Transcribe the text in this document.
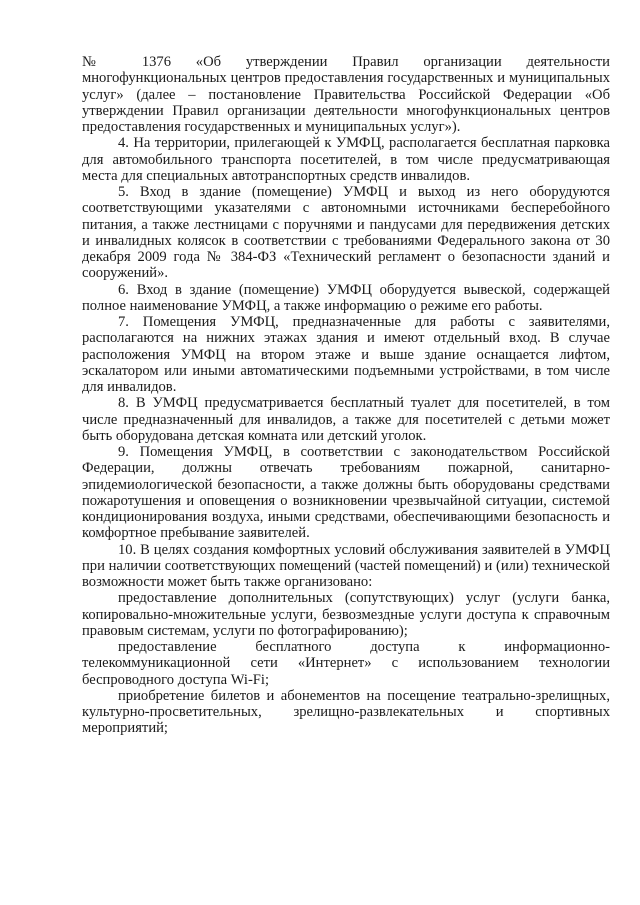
№ 1376 «Об утверждении Правил организации деятельности многофункциональных центров предоставления государственных и муниципальных услуг» (далее – постановление Правительства Российской Федерации «Об утверждении Правил организации деятельности многофункциональных центров предоставления государственных и муниципальных услуг»).

4. На территории, прилегающей к УМФЦ, располагается бесплатная парковка для автомобильного транспорта посетителей, в том числе предусматривающая места для специальных автотранспортных средств инвалидов.

5. Вход в здание (помещение) УМФЦ и выход из него оборудуются соответствующими указателями с автономными источниками бесперебойного питания, а также лестницами с поручнями и пандусами для передвижения детских и инвалидных колясок в соответствии с требованиями Федерального закона от 30 декабря 2009 года № 384-ФЗ «Технический регламент о безопасности зданий и сооружений».

6. Вход в здание (помещение) УМФЦ оборудуется вывеской, содержащей полное наименование УМФЦ, а также информацию о режиме его работы.

7. Помещения УМФЦ, предназначенные для работы с заявителями, располагаются на нижних этажах здания и имеют отдельный вход. В случае расположения УМФЦ на втором этаже и выше здание оснащается лифтом, эскалатором или иными автоматическими подъемными устройствами, в том числе для инвалидов.

8. В УМФЦ предусматривается бесплатный туалет для посетителей, в том числе предназначенный для инвалидов, а также для посетителей с детьми может быть оборудована детская комната или детский уголок.

9. Помещения УМФЦ, в соответствии с законодательством Российской Федерации, должны отвечать требованиям пожарной, санитарно-эпидемиологической безопасности, а также должны быть оборудованы средствами пожаротушения и оповещения о возникновении чрезвычайной ситуации, системой кондиционирования воздуха, иными средствами, обеспечивающими безопасность и комфортное пребывание заявителей.

10. В целях создания комфортных условий обслуживания заявителей в УМФЦ при наличии соответствующих помещений (частей помещений) и (или) технической возможности может быть также организовано:

предоставление дополнительных (сопутствующих) услуг (услуги банка, копировально-множительные услуги, безвозмездные услуги доступа к справочным правовым системам, услуги по фотографированию);

предоставление бесплатного доступа к информационно-телекоммуникационной сети «Интернет» с использованием технологии беспроводного доступа Wi-Fi;

приобретение билетов и абонементов на посещение театрально-зрелищных, культурно-просветительных, зрелищно-развлекательных и спортивных мероприятий;
